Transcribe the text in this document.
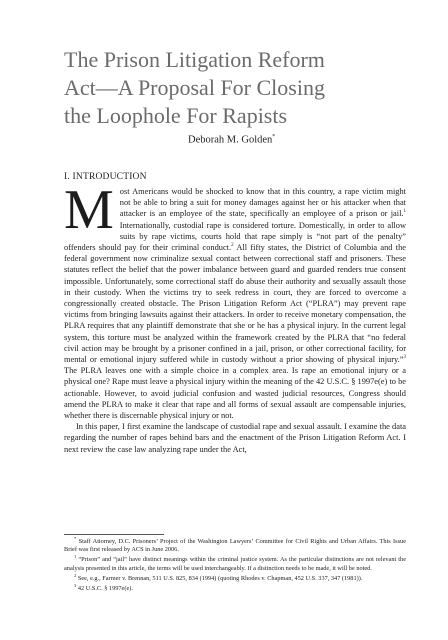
The Prison Litigation Reform
Act—A Proposal For Closing
the Loophole For Rapists
Deborah M. Golden*
I. INTRODUCTION

Most Americans would be shocked to know that in this country, a rape victim might not be able to bring a suit for money damages against her or his attacker when that attacker is an employee of the state, specifically an employee of a prison or jail.$^1$ Internationally, custodial rape is considered torture. Domestically, in order to allow suits by rape victims, courts hold that rape simply is “not part of the penalty” offenders should pay for their criminal conduct.$^2$ All fifty states, the District of Columbia and the federal government now criminalize sexual contact between correctional staff and prisoners. These statutes reflect the belief that the power imbalance between guard and guarded renders true consent impossible. Unfortunately, some correctional staff do abuse their authority and sexually assault those in their custody. When the victims try to seek redress in court, they are forced to overcome a congressionally created obstacle. The Prison Litigation Reform Act (“PLRA”) may prevent rape victims from bringing lawsuits against their attackers. In order to receive monetary compensation, the PLRA requires that any plaintiff demonstrate that she or he has a physical injury. In the current legal system, this torture must be analyzed within the framework created by the PLRA that “no federal civil action may be brought by a prisoner confined in a jail, prison, or other correctional facility, for mental or emotional injury suffered while in custody without a prior showing of physical injury.”$^3$ The PLRA leaves one with a simple choice in a complex area. Is rape an emotional injury or a physical one? Rape must leave a physical injury within the meaning of the 42 U.S.C. § 1997e(e) to be actionable. However, to avoid judicial confusion and wasted judicial resources, Congress should amend the PLRA to make it clear that rape and all forms of sexual assault are compensable injuries, whether there is discernable physical injury or not.

In this paper, I first examine the landscape of custodial rape and sexual assault. I examine the data regarding the number of rapes behind bars and the enactment of the Prison Litigation Reform Act. I next review the case law analyzing rape under the Act,

* Staff Attorney, D.C. Prisoners’ Project of the Washington Lawyers’ Committee for Civil Rights and Urban Affairs. This Issue Brief was first released by ACS in June 2006.

$^1$ “Prison” and “jail” have distinct meanings within the criminal justice system. As the particular distinctions are not relevant the analysis presented in this article, the terms will be used interchangeably. If a distinction needs to be made, it will be noted.

$^2$ See, e.g., Farmer v. Brennan, 511 U.S. 825, 834 (1994) (quoting Rhodes v. Chapman, 452 U.S. 337, 347 (1981)).

$^3$ 42 U.S.C. § 1997e(e).
